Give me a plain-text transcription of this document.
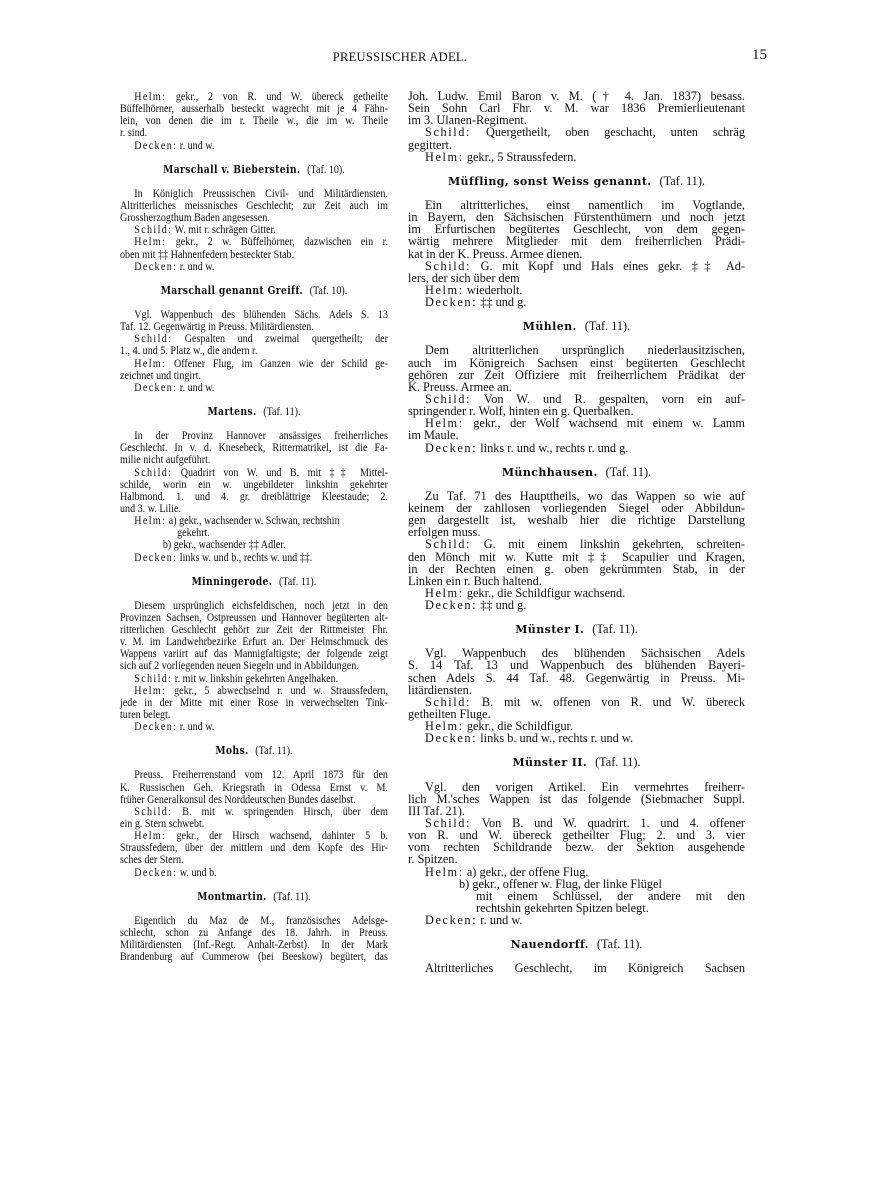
PREUSSISCHER ADEL.	15
Helm: gekr., 2 von R. und W. übereck getheilte
Büffelhörner, ausserhalb besteckt wagrecht mit je 4 Fähn-
lein, von denen die im r. Theile w., die im w. Theile
r. sind.
Decken: r. und w.
Marschall v. Bieberstein. (Taf. 10).
In Königlich Preussischen Civil- und Militärdiensten.
Altritterliches meissnisches Geschlecht; zur Zeit auch im
Grossherzogthum Baden angesessen.
Schild: W. mit r. schrägen Gitter.
Helm: gekr., 2 w. Büffelhörner, dazwischen ein r.
oben mit ‡‡ Hahnenfedern besteckter Stab.
Decken: r. und w.
Marschall genannt Greiff. (Taf. 10).
Vgl. Wappenbuch des blühenden Sächs. Adels S. 13
Taf. 12. Gegenwärtig in Preuss. Militärdiensten.
Schild: Gespalten und zweimal quergetheilt; der
1., 4. und 5. Platz w., die andern r.
Helm: Offener Flug, im Ganzen wie der Schild ge-
zeichnet und tingirt.
Decken: r. und w.
Martens. (Taf. 11).
In der Provinz Hannover ansässiges freiherrliches
Geschlecht. In v. d. Knesebeck, Rittermatrikel, ist die Fa-
milie nicht aufgeführt.
Schild: Quadrirt von W. und B. mit ‡‡ Mittel-
schilde, worin ein w. ungebildeter linkshin gekehrter
Halbmond. 1. und 4. gr. dreiblättrige Kleestaude; 2.
und 3. w. Lilie.
Helm: a) gekr., wachsender w. Schwan, rechtshin
gekehrt.
b) gekr., wachsender ‡‡ Adler.
Decken: links w. und b., rechts w. und ‡‡.
Minningerode. (Taf. 11).
Diesem ursprünglich eichsfeldischen, noch jetzt in den
Provinzen Sachsen, Ostpreussen und Hannover begüterten alt-
ritterlichen Geschlecht gehört zur Zeit der Rittmeister Fhr.
v. M. im Landwehrbezirke Erfurt an. Der Helmschmuck des
Wappens variirt auf das Mannigfaltigste; der folgende zeigt
sich auf 2 vorliegenden neuen Siegeln und in Abbildungen.
Schild: r. mit w. linkshin gekehrten Angelhaken.
Helm: gekr., 5 abwechselnd r. und w. Straussfedern,
jede in der Mitte mit einer Rose in verwechselten Tink-
turen belegt.
Decken: r. und w.
Mohs. (Taf. 11).
Preuss. Freiherrenstand vom 12. April 1873 für den
K. Russischen Geh. Kriegsrath in Odessa Ernst v. M.
früher Generalkonsul des Norddeutschen Bundes daselbst.
Schild: B. mit w. springenden Hirsch, über dem
ein g. Stern schwebt.
Helm: gekr., der Hirsch wachsend, dahinter 5 b.
Straussfedern, über der mittlern und dem Kopfe des Hir-
sches der Stern.
Decken: w. und b.
Montmartin. (Taf. 11).
Eigentlich du Maz de M., französisches Adelsge-
schlecht, schon zu Anfange des 18. Jahrh. in Preuss.
Militärdiensten (Inf.-Regt. Anhalt-Zerbst). In der Mark
Brandenburg auf Cummerow (bei Beeskow) begütert, das
Joh. Ludw. Emil Baron v. M. († 4. Jan. 1837) besass.
Sein Sohn Carl Fhr. v. M. war 1836 Premierlieutenant
im 3. Ulanen-Regiment.
Schild: Quergetheilt, oben geschacht, unten schräg
gegittert.
Helm: gekr., 5 Straussfedern.
Müffling, sonst Weiss genannt. (Taf. 11).
Ein altritterliches, einst namentlich im Vogtlande,
in Bayern, den Sächsischen Fürstenthümern und noch jetzt
im Erfurtischen begütertes Geschlecht, von dem gegen-
wärtig mehrere Mitglieder mit dem freiherrlichen Prädi-
kat in der K. Preuss. Armee dienen.
Schild: G. mit Kopf und Hals eines gekr. ‡‡ Ad-
lers, der sich über dem
Helm: wiederholt.
Decken: ‡‡ und g.
Mühlen. (Taf. 11).
Dem altritterlichen ursprünglich niederlausitzischen,
auch im Königreich Sachsen einst begüterten Geschlecht
gehören zur Zeit Offiziere mit freiherrlichem Prädikat der
K. Preuss. Armee an.
Schild: Von W. und R. gespalten, vorn ein auf-
springender r. Wolf, hinten ein g. Querbalken.
Helm: gekr., der Wolf wachsend mit einem w. Lamm
im Maule.
Decken: links r. und w., rechts r. und g.
Münchhausen. (Taf. 11).
Zu Taf. 71 des Haupttheils, wo das Wappen so wie auf
keinem der zahllosen vorliegenden Siegel oder Abbildun-
gen dargestellt ist, weshalb hier die richtige Darstellung
erfolgen muss.
Schild: G. mit einem linkshin gekehrten, schreiten-
den Mönch mit w. Kutte mit ‡‡ Scapulier und Kragen,
in der Rechten einen g. oben gekrümmten Stab, in der
Linken ein r. Buch haltend.
Helm: gekr., die Schildfigur wachsend.
Decken: ‡‡ und g.
Münster I. (Taf. 11).
Vgl. Wappenbuch des blühenden Sächsischen Adels
S. 14 Taf. 13 und Wappenbuch des blühenden Bayeri-
schen Adels S. 44 Taf. 48. Gegenwärtig in Preuss. Mi-
litärdiensten.
Schild: B. mit w. offenen von R. und W. übereck
getheilten Fluge.
Helm: gekr., die Schildfigur.
Decken: links b. und w., rechts r. und w.
Münster II. (Taf. 11).
Vgl. den vorigen Artikel. Ein vermehrtes freiherr-
lich M.'sches Wappen ist das folgende (Siebmacher Suppl.
III Taf. 21).
Schild: Von B. und W. quadrirt. 1. und 4. offener
von R. und W. übereck getheilter Flug; 2. und 3. vier
vom rechten Schildrande bezw. der Sektion ausgehende
r. Spitzen.
Helm: a) gekr., der offene Flug.
b) gekr., offener w. Flug, der linke Flügel
mit einem Schlüssel, der andere mit den
rechtshin gekehrten Spitzen belegt.
Decken: r. und w.
Nauendorff. (Taf. 11).
Altritterliches Geschlecht, im Königreich Sachsen
